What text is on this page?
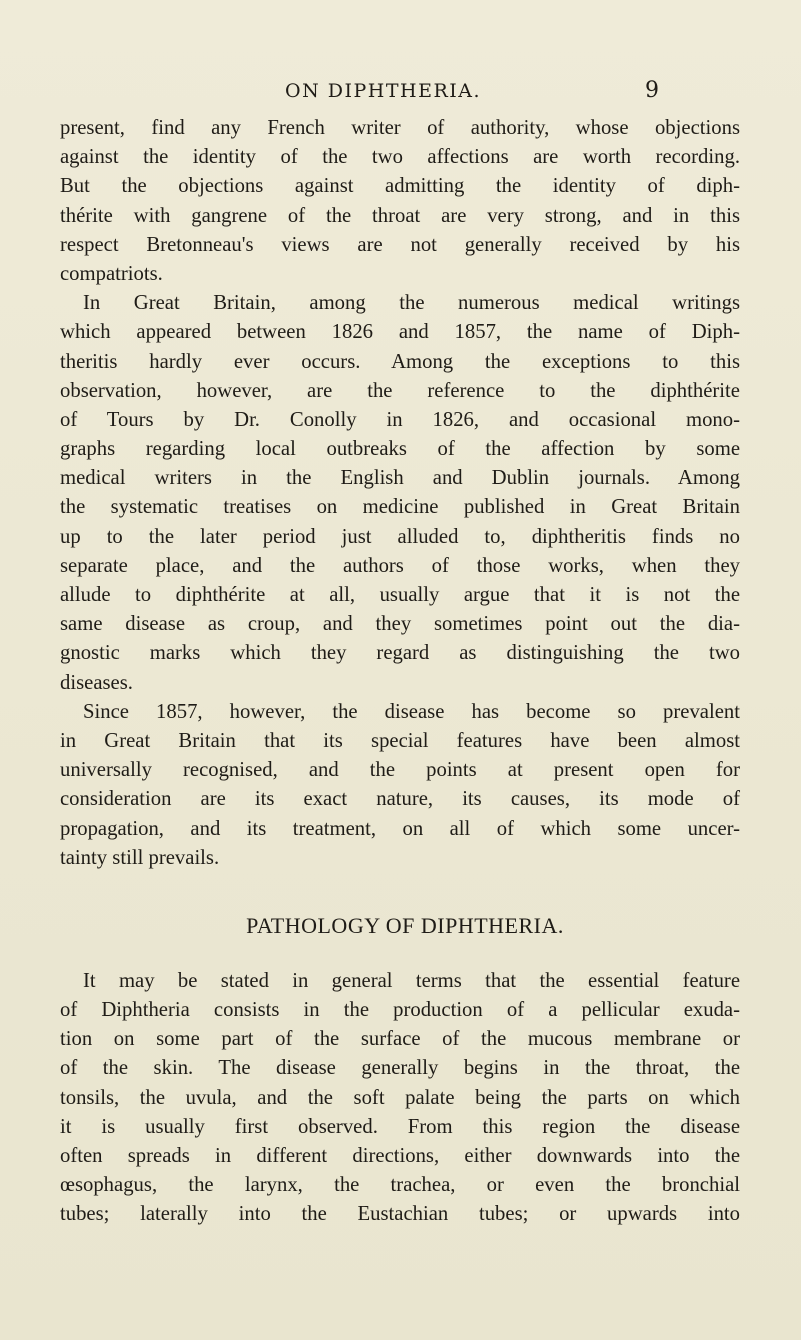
ON DIPHTHERIA.	9
present, find any French writer of authority, whose objections
against the identity of the two affections are worth recording.
But the objections against admitting the identity of diph-
thérite with gangrene of the throat are very strong, and in this
respect Bretonneau's views are not generally received by his
compatriots.
In Great Britain, among the numerous medical writings
which appeared between 1826 and 1857, the name of Diph-
theritis hardly ever occurs. Among the exceptions to this
observation, however, are the reference to the diphthérite
of Tours by Dr. Conolly in 1826, and occasional mono-
graphs regarding local outbreaks of the affection by some
medical writers in the English and Dublin journals. Among
the systematic treatises on medicine published in Great Britain
up to the later period just alluded to, diphtheritis finds no
separate place, and the authors of those works, when they
allude to diphthérite at all, usually argue that it is not the
same disease as croup, and they sometimes point out the dia-
gnostic marks which they regard as distinguishing the two
diseases.
Since 1857, however, the disease has become so prevalent
in Great Britain that its special features have been almost
universally recognised, and the points at present open for
consideration are its exact nature, its causes, its mode of
propagation, and its treatment, on all of which some uncer-
tainty still prevails.
PATHOLOGY OF DIPHTHERIA.
It may be stated in general terms that the essential feature
of Diphtheria consists in the production of a pellicular exuda-
tion on some part of the surface of the mucous membrane or
of the skin. The disease generally begins in the throat, the
tonsils, the uvula, and the soft palate being the parts on which
it is usually first observed. From this region the disease
often spreads in different directions, either downwards into the
œsophagus, the larynx, the trachea, or even the bronchial
tubes; laterally into the Eustachian tubes; or upwards into
